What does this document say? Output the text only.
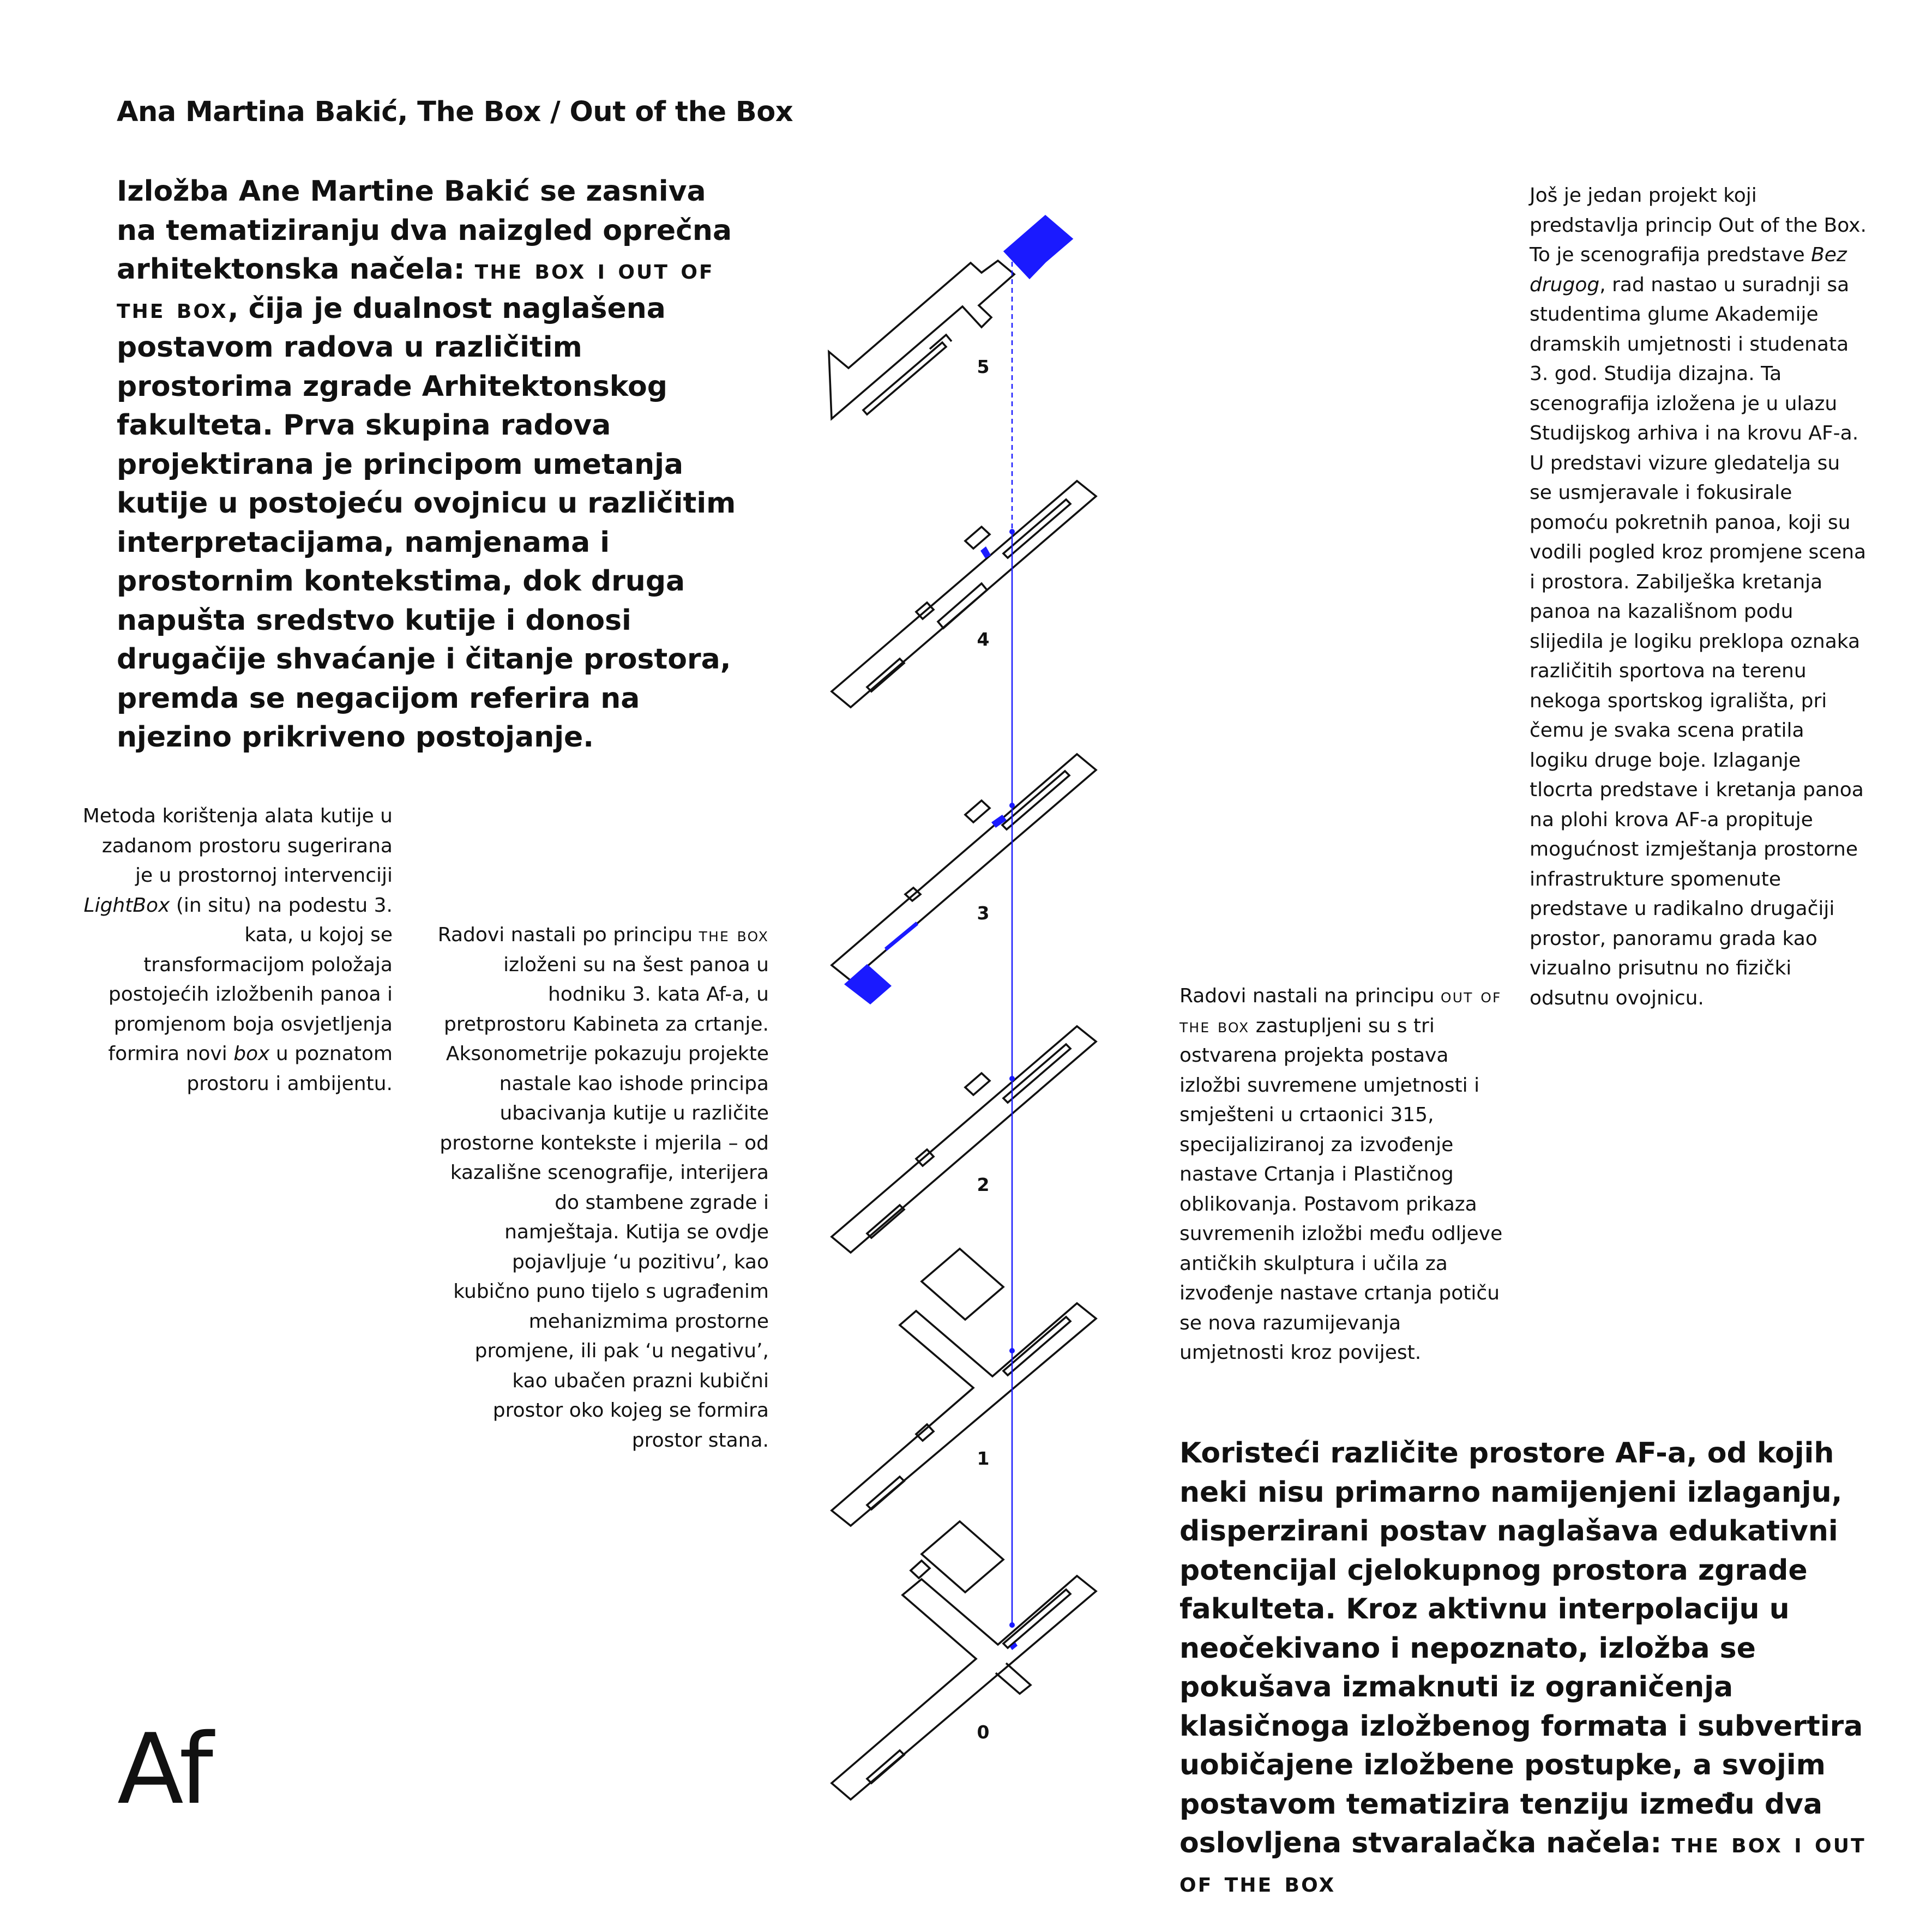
Ana Martina Bakić, The Box / Out of the Box
Izložba Ane Martine Bakić se zasniva na tematiziranju dva naizgled oprečna arhitektonska načela: the box i out of the box, čija je dualnost naglašena postavom radova u različitim prostorima zgrade Arhitektonskog fakulteta. Prva skupina radova projektirana je principom umetanja kutije u postojeću ovojnicu u različitim interpretacijama, namjenama i prostornim kontekstima, dok druga napušta sredstvo kutije i donosi drugačije shvaćanje i čitanje prostora, premda se negacijom referira na njezino prikriveno postojanje.
Metoda korištenja alata kutije u zadanom prostoru sugerirana je u prostornoj intervenciji LightBox (in situ) na podestu 3. kata, u kojoj se transformacijom položaja postojećih izložbenih panoa i promjenom boja osvjetljenja formira novi box u poznatom prostoru i ambijentu.
Radovi nastali po principu the box izloženi su na šest panoa u hodniku 3. kata Af-a, u pretprostoru Kabineta za crtanje. Aksonometrije pokazuju projekte nastale kao ishode principa ubacivanja kutije u različite prostorne kontekste i mjerila – od kazališne scenografije, interijera do stambene zgrade i namještaja. Kutija se ovdje pojavljuje ‘u pozitivu’, kao kubično puno tijelo s ugrađenim mehanizmima prostorne promjene, ili pak ‘u negativu’, kao ubačen prazni kubični prostor oko kojeg se formira prostor stana.
Radovi nastali na principu out of the box zastupljeni su s tri ostvarena projekta postava izložbi suvremene umjetnosti i smješteni u crtaonici 315, specijaliziranoj za izvođenje nastave Crtanja i Plastičnog oblikovanja. Postavom prikaza suvremenih izložbi među odljeve antičkih skulptura i učila za izvođenje nastave crtanja potiču se nova razumijevanja umjetnosti kroz povijest.
Još je jedan projekt koji predstavlja princip Out of the Box. To je scenografija predstave Bez drugog, rad nastao u suradnji sa studentima glume Akademije dramskih umjetnosti i studenata 3. god. Studija dizajna. Ta scenografija izložena je u ulazu Studijskog arhiva i na krovu AF-a. U predstavi vizure gledatelja su se usmjeravale i fokusirale pomoću pokretnih panoa, koji su vodili pogled kroz promjene scena i prostora. Zabilješka kretanja panoa na kazališnom podu slijedila je logiku preklopa oznaka različitih sportova na terenu nekoga sportskog igrališta, pri čemu je svaka scena pratila logiku druge boje. Izlaganje tlocrta predstave i kretanja panoa na plohi krova AF-a propituje mogućnost izmještanja prostorne infrastrukture spomenute predstave u radikalno drugačiji prostor, panoramu grada kao vizualno prisutnu no fizički odsutnu ovojnicu.
Koristeći različite prostore AF-a, od kojih neki nisu primarno namijenjeni izlaganju, disperzirani postav naglašava edukativni potencijal cjelokupnog prostora zgrade fakulteta. Kroz aktivnu interpolaciju u neočekivano i nepoznato, izložba se pokušava izmaknuti iz ograničenja klasičnoga izložbenog formata i subvertira uobičajene izložbene postupke, a svojim postavom tematizira tenziju između dva oslovljena stvaralačka načela: the box i out of the box
Af
5
4
3
2
1
0
